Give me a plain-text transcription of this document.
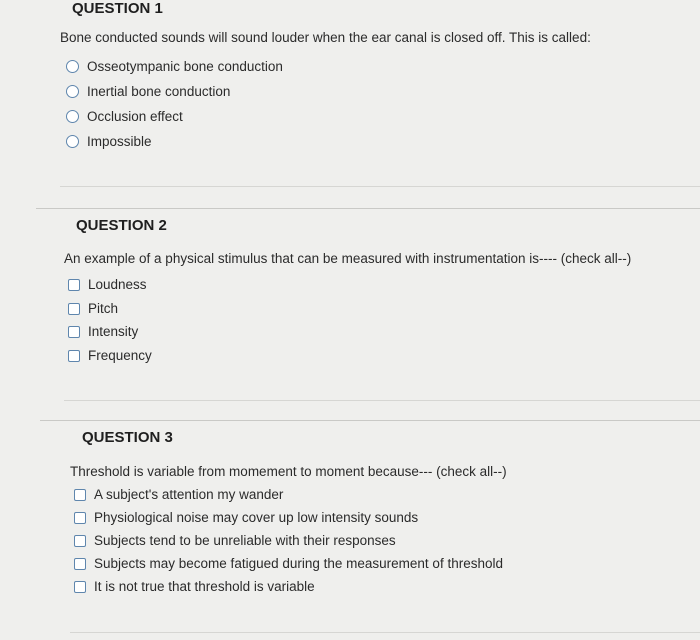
QUESTION 1
Bone conducted sounds will sound louder when the ear canal is closed off. This is called:
Osseotympanic bone conduction
Inertial bone conduction
Occlusion effect
Impossible
QUESTION 2
An example of a physical stimulus that can be measured with instrumentation is---- (check all--)
Loudness
Pitch
Intensity
Frequency
QUESTION 3
Threshold is variable from momement to moment because--- (check all--)
A subject's attention my wander
Physiological noise may cover up low intensity sounds
Subjects tend to be unreliable with their responses
Subjects may become fatigued during the measurement of threshold
It is not true that threshold is variable
